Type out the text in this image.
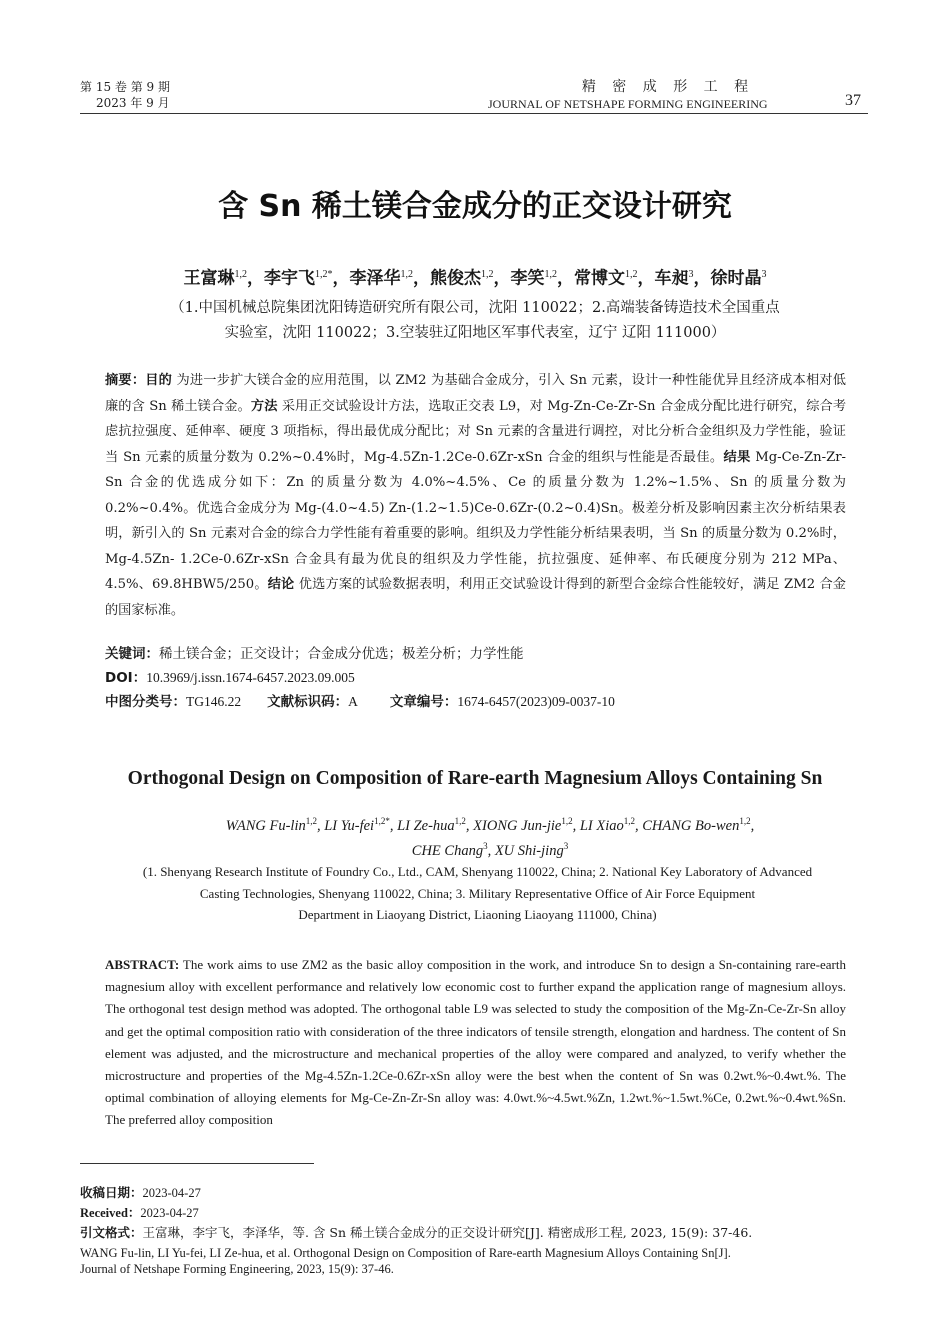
第 15 卷 第 9 期
2023 年 9 月
精 密 成 形 工 程
JOURNAL OF NETSHAPE FORMING ENGINEERING	37
含 Sn 稀土镁合金成分的正交设计研究
王富琳$^{1,2}$，李宇飞$^{1,2*}$，李泽华$^{1,2}$，熊俊杰$^{1,2}$，李笑$^{1,2}$，常博文$^{1,2}$，车昶$^3$，徐时晶$^3$
（1.中国机械总院集团沈阳铸造研究所有限公司，沈阳 110022；2.高端装备铸造技术全国重点
实验室，沈阳 110022；3.空装驻辽阳地区军事代表室，辽宁 辽阳 111000）
摘要：目的 为进一步扩大镁合金的应用范围，以 ZM2 为基础合金成分，引入 Sn 元素，设计一种性能优异且经济成本相对低廉的含 Sn 稀土镁合金。方法 采用正交试验设计方法，选取正交表 L9，对 Mg-Zn-Ce-Zr-Sn 合金成分配比进行研究，综合考虑抗拉强度、延伸率、硬度 3 项指标，得出最优成分配比；对 Sn 元素的含量进行调控，对比分析合金组织及力学性能，验证当 Sn 元素的质量分数为 0.2%~0.4%时，Mg-4.5Zn-1.2Ce-0.6Zr-xSn 合金的组织与性能是否最佳。结果 Mg-Ce-Zn-Zr-Sn 合金的优选成分如下：Zn 的质量分数为 4.0%~4.5%、Ce 的质量分数为 1.2%~1.5%、Sn 的质量分数为 0.2%~0.4%。优选合金成分为 Mg-(4.0~4.5) Zn-(1.2~1.5)Ce-0.6Zr-(0.2~0.4)Sn。极差分析及影响因素主次分析结果表明，新引入的 Sn 元素对合金的综合力学性能有着重要的影响。组织及力学性能分析结果表明，当 Sn 的质量分数为 0.2%时，Mg-4.5Zn- 1.2Ce-0.6Zr-xSn 合金具有最为优良的组织及力学性能，抗拉强度、延伸率、布氏硬度分别为 212 MPa、4.5%、69.8HBW5/250。结论 优选方案的试验数据表明，利用正交试验设计得到的新型合金综合性能较好，满足 ZM2 合金的国家标准。
关键词：稀土镁合金；正交设计；合金成分优选；极差分析；力学性能
DOI：10.3969/j.issn.1674-6457.2023.09.005
中图分类号：TG146.22 文献标识码：A 文章编号：1674-6457(2023)09-0037-10
Orthogonal Design on Composition of Rare-earth Magnesium Alloys Containing Sn
WANG Fu-lin$^{1,2}$, LI Yu-fei$^{1,2*}$, LI Ze-hua$^{1,2}$, XIONG Jun-jie$^{1,2}$, LI Xiao$^{1,2}$, CHANG Bo-wen$^{1,2}$,
CHE Chang$^3$, XU Shi-jing$^3$
(1. Shenyang Research Institute of Foundry Co., Ltd., CAM, Shenyang 110022, China; 2. National Key Laboratory of Advanced
Casting Technologies, Shenyang 110022, China; 3. Military Representative Office of Air Force Equipment
Department in Liaoyang District, Liaoning Liaoyang 111000, China)
ABSTRACT: The work aims to use ZM2 as the basic alloy composition in the work, and introduce Sn to design a Sn-containing rare-earth magnesium alloy with excellent performance and relatively low economic cost to further expand the application range of magnesium alloys. The orthogonal test design method was adopted. The orthogonal table L9 was selected to study the composition of the Mg-Zn-Ce-Zr-Sn alloy and get the optimal composition ratio with consideration of the three indicators of tensile strength, elongation and hardness. The content of Sn element was adjusted, and the microstructure and mechanical properties of the alloy were compared and analyzed, to verify whether the microstructure and properties of the Mg-4.5Zn-1.2Ce-0.6Zr-xSn alloy were the best when the content of Sn was 0.2wt.%~0.4wt.%. The optimal combination of alloying elements for Mg-Ce-Zn-Zr-Sn alloy was: 4.0wt.%~4.5wt.%Zn, 1.2wt.%~1.5wt.%Ce, 0.2wt.%~0.4wt.%Sn. The preferred alloy composition
收稿日期：2023-04-27
Received：2023-04-27
引文格式：王富琳，李宇飞，李泽华，等. 含 Sn 稀土镁合金成分的正交设计研究[J]. 精密成形工程, 2023, 15(9): 37-46.
WANG Fu-lin, LI Yu-fei, LI Ze-hua, et al. Orthogonal Design on Composition of Rare-earth Magnesium Alloys Containing Sn[J].
Journal of Netshape Forming Engineering, 2023, 15(9): 37-46.
